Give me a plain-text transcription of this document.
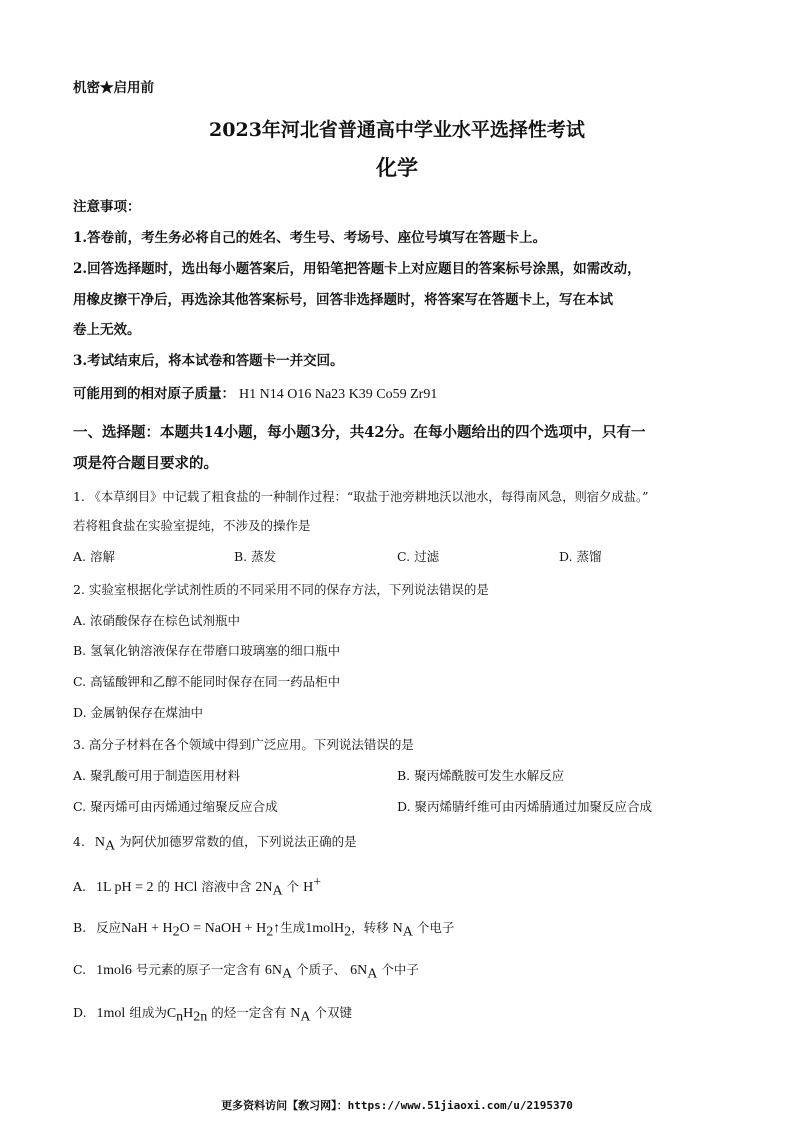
机密★启用前
2023年河北省普通高中学业水平选择性考试
化学
注意事项：
1.答卷前，考生务必将自己的姓名、考生号、考场号、座位号填写在答题卡上。
2.回答选择题时，选出每小题答案后，用铅笔把答题卡上对应题目的答案标号涂黑，如需改动，
用橡皮擦干净后，再选涂其他答案标号，回答非选择题时，将答案写在答题卡上，写在本试
卷上无效。
3.考试结束后，将本试卷和答题卡一并交回。
可能用到的相对原子质量： H1 N14 O16 Na23 K39 Co59 Zr91
一、选择题：本题共14小题，每小题3分，共42分。在每小题给出的四个选项中，只有一
项是符合题目要求的。
1. 《本草纲目》中记载了粗食盐的一种制作过程：“取盐于池旁耕地沃以池水，每得南风急，则宿夕成盐。”
若将粗食盐在实验室提纯，不涉及的操作是
A. 溶解	B. 蒸发	C. 过滤	D. 蒸馏
2. 实验室根据化学试剂性质的不同采用不同的保存方法，下列说法错误的是
A. 浓硝酸保存在棕色试剂瓶中
B. 氢氧化钠溶液保存在带磨口玻璃塞的细口瓶中
C. 高锰酸钾和乙醇不能同时保存在同一药品柜中
D. 金属钠保存在煤油中
3. 高分子材料在各个领域中得到广泛应用。下列说法错误的是
A. 聚乳酸可用于制造医用材料	B. 聚丙烯酰胺可发生水解反应
C. 聚丙烯可由丙烯通过缩聚反应合成	D. 聚丙烯腈纤维可由丙烯腈通过加聚反应合成
4. $N_A$ 为阿伏加德罗常数的值，下列说法正确的是
A. 1L pH = 2 的 HCl 溶液中含 $2N_A$ 个 H+
B. 反应NaH + $H_2O$ = NaOH + $H_2↑$生成1molH$_2$，转移 $N_A$ 个电子
C. 1mol6 号元素的原子一定含有 $6N_A$ 个质子、 $6N_A$ 个中子
D. 1mol 组成为$C_nH_{2n}$ 的烃一定含有 $N_A$ 个双键
更多资料访问【敎习网】：https://www.51jiaoxi.com/u/2195370
